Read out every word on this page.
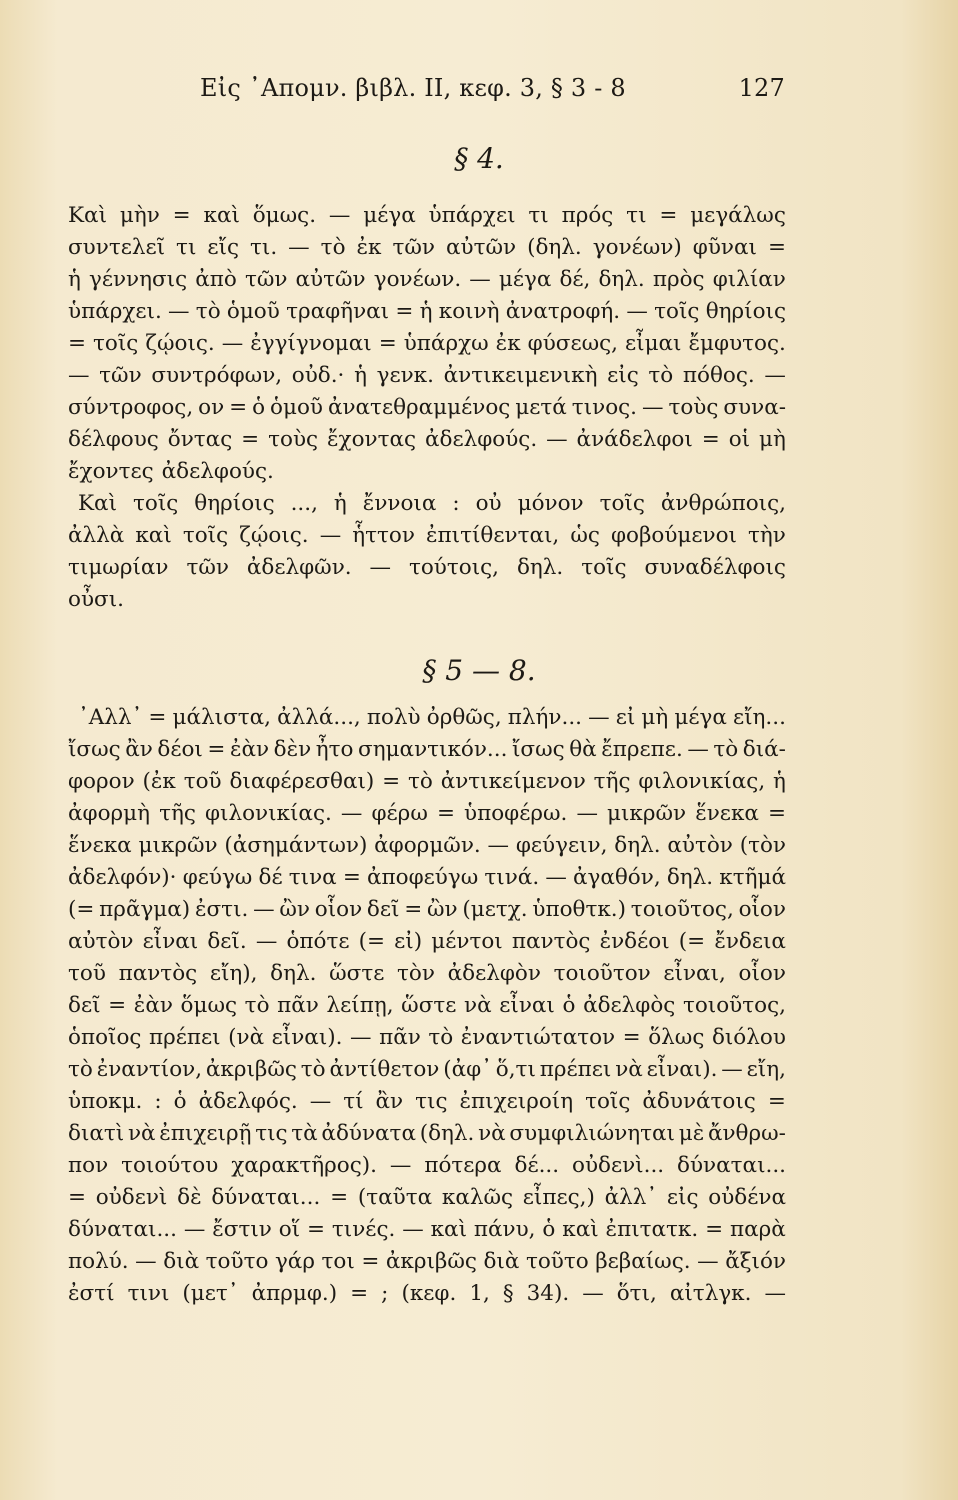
Εἰς ᾽Απομν. βιβλ. ΙΙ, κεφ. 3, § 3 - 8	127
§ 4.
Καὶ μὴν = καὶ ὅμως. — μέγα ὑπάρχει τι πρός τι = μεγάλως
συντελεῖ τι εἴς τι. — τὸ ἐκ τῶν αὐτῶν (δηλ. γονέων) φῦναι =
ἡ γέννησις ἀπὸ τῶν αὐτῶν γονέων. — μέγα δέ, δηλ. πρὸς φιλίαν
ὑπάρχει. — τὸ ὁμοῦ τραφῆναι = ἡ κοινὴ ἀνατροφή. — τοῖς θηρίοις
= τοῖς ζῴοις. — ἐγγίγνομαι = ὑπάρχω ἐκ φύσεως, εἶμαι ἔμφυτος.
— τῶν συντρόφων, οὐδ.· ἡ γενκ. ἀντικειμενικὴ εἰς τὸ πόθος. —
σύντροφος, ον = ὁ ὁμοῦ ἀνατεθραμμένος μετά τινος. — τοὺς συνα-
δέλφους ὄντας = τοὺς ἔχοντας ἀδελφούς. — ἀνάδελφοι = οἱ μὴ
ἔχοντες ἀδελφούς.
Καὶ τοῖς θηρίοις ..., ἡ ἔννοια : οὐ μόνον τοῖς ἀνθρώποις,
ἀλλὰ καὶ τοῖς ζῴοις. — ἧττον ἐπιτίθενται, ὡς φοβούμενοι τὴν
τιμωρίαν τῶν ἀδελφῶν. — τούτοις, δηλ. τοῖς συναδέλφοις
οὖσι.
§ 5 — 8.
᾽Αλλ᾽ = μάλιστα, ἀλλά..., πολὺ ὀρθῶς, πλήν... — εἰ μὴ μέγα εἴη...
ἴσως ἂν δέοι = ἐὰν δὲν ἦτο σημαντικόν... ἴσως θὰ ἔπρεπε. — τὸ διά-
φορον (ἐκ τοῦ διαφέρεσθαι) = τὸ ἀντικείμενον τῆς φιλονικίας, ἡ
ἀφορμὴ τῆς φιλονικίας. — φέρω = ὑποφέρω. — μικρῶν ἕνεκα =
ἕνεκα μικρῶν (ἀσημάντων) ἀφορμῶν. — φεύγειν, δηλ. αὐτὸν (τὸν
ἀδελφόν)· φεύγω δέ τινα = ἀποφεύγω τινά. — ἀγαθόν, δηλ. κτῆμά
(= πρᾶγμα) ἐστι. — ὢν οἷον δεῖ = ὢν (μετχ. ὑποθτκ.) τοιοῦτος, οἷον
αὐτὸν εἶναι δεῖ. — ὁπότε (= εἰ) μέντοι παντὸς ἐνδέοι (= ἔνδεια
τοῦ παντὸς εἴη), δηλ. ὥστε τὸν ἀδελφὸν τοιοῦτον εἶναι, οἷον
δεῖ = ἐὰν ὅμως τὸ πᾶν λείπῃ, ὥστε νὰ εἶναι ὁ ἀδελφὸς τοιοῦτος,
ὁποῖος πρέπει (νὰ εἶναι). — πᾶν τὸ ἐναντιώτατον = ὅλως διόλου
τὸ ἐναντίον, ἀκριβῶς τὸ ἀντίθετον (ἀφ᾽ ὅ,τι πρέπει νὰ εἶναι). — εἴη,
ὑποκμ. : ὁ ἀδελφός. — τί ἂν τις ἐπιχειροίη τοῖς ἀδυνάτοις =
διατὶ νὰ ἐπιχειρῇ τις τὰ ἀδύνατα (δηλ. νὰ συμφιλιώνηται μὲ ἄνθρω-
πον τοιούτου χαρακτῆρος). — πότερα δέ... οὐδενὶ... δύναται...
= οὐδενὶ δὲ δύναται... = (ταῦτα καλῶς εἶπες,) ἀλλ᾽ εἰς οὐδένα
δύναται... — ἔστιν οἵ = τινές. — καὶ πάνυ, ὁ καὶ ἐπιτατκ. = παρὰ
πολύ. — διὰ τοῦτο γάρ τοι = ἀκριβῶς διὰ τοῦτο βεβαίως. — ἄξιόν
ἐστί τινι (μετ᾽ ἀπρμφ.) = ; (κεφ. 1, § 34). — ὅτι, αἰτλγκ. —
